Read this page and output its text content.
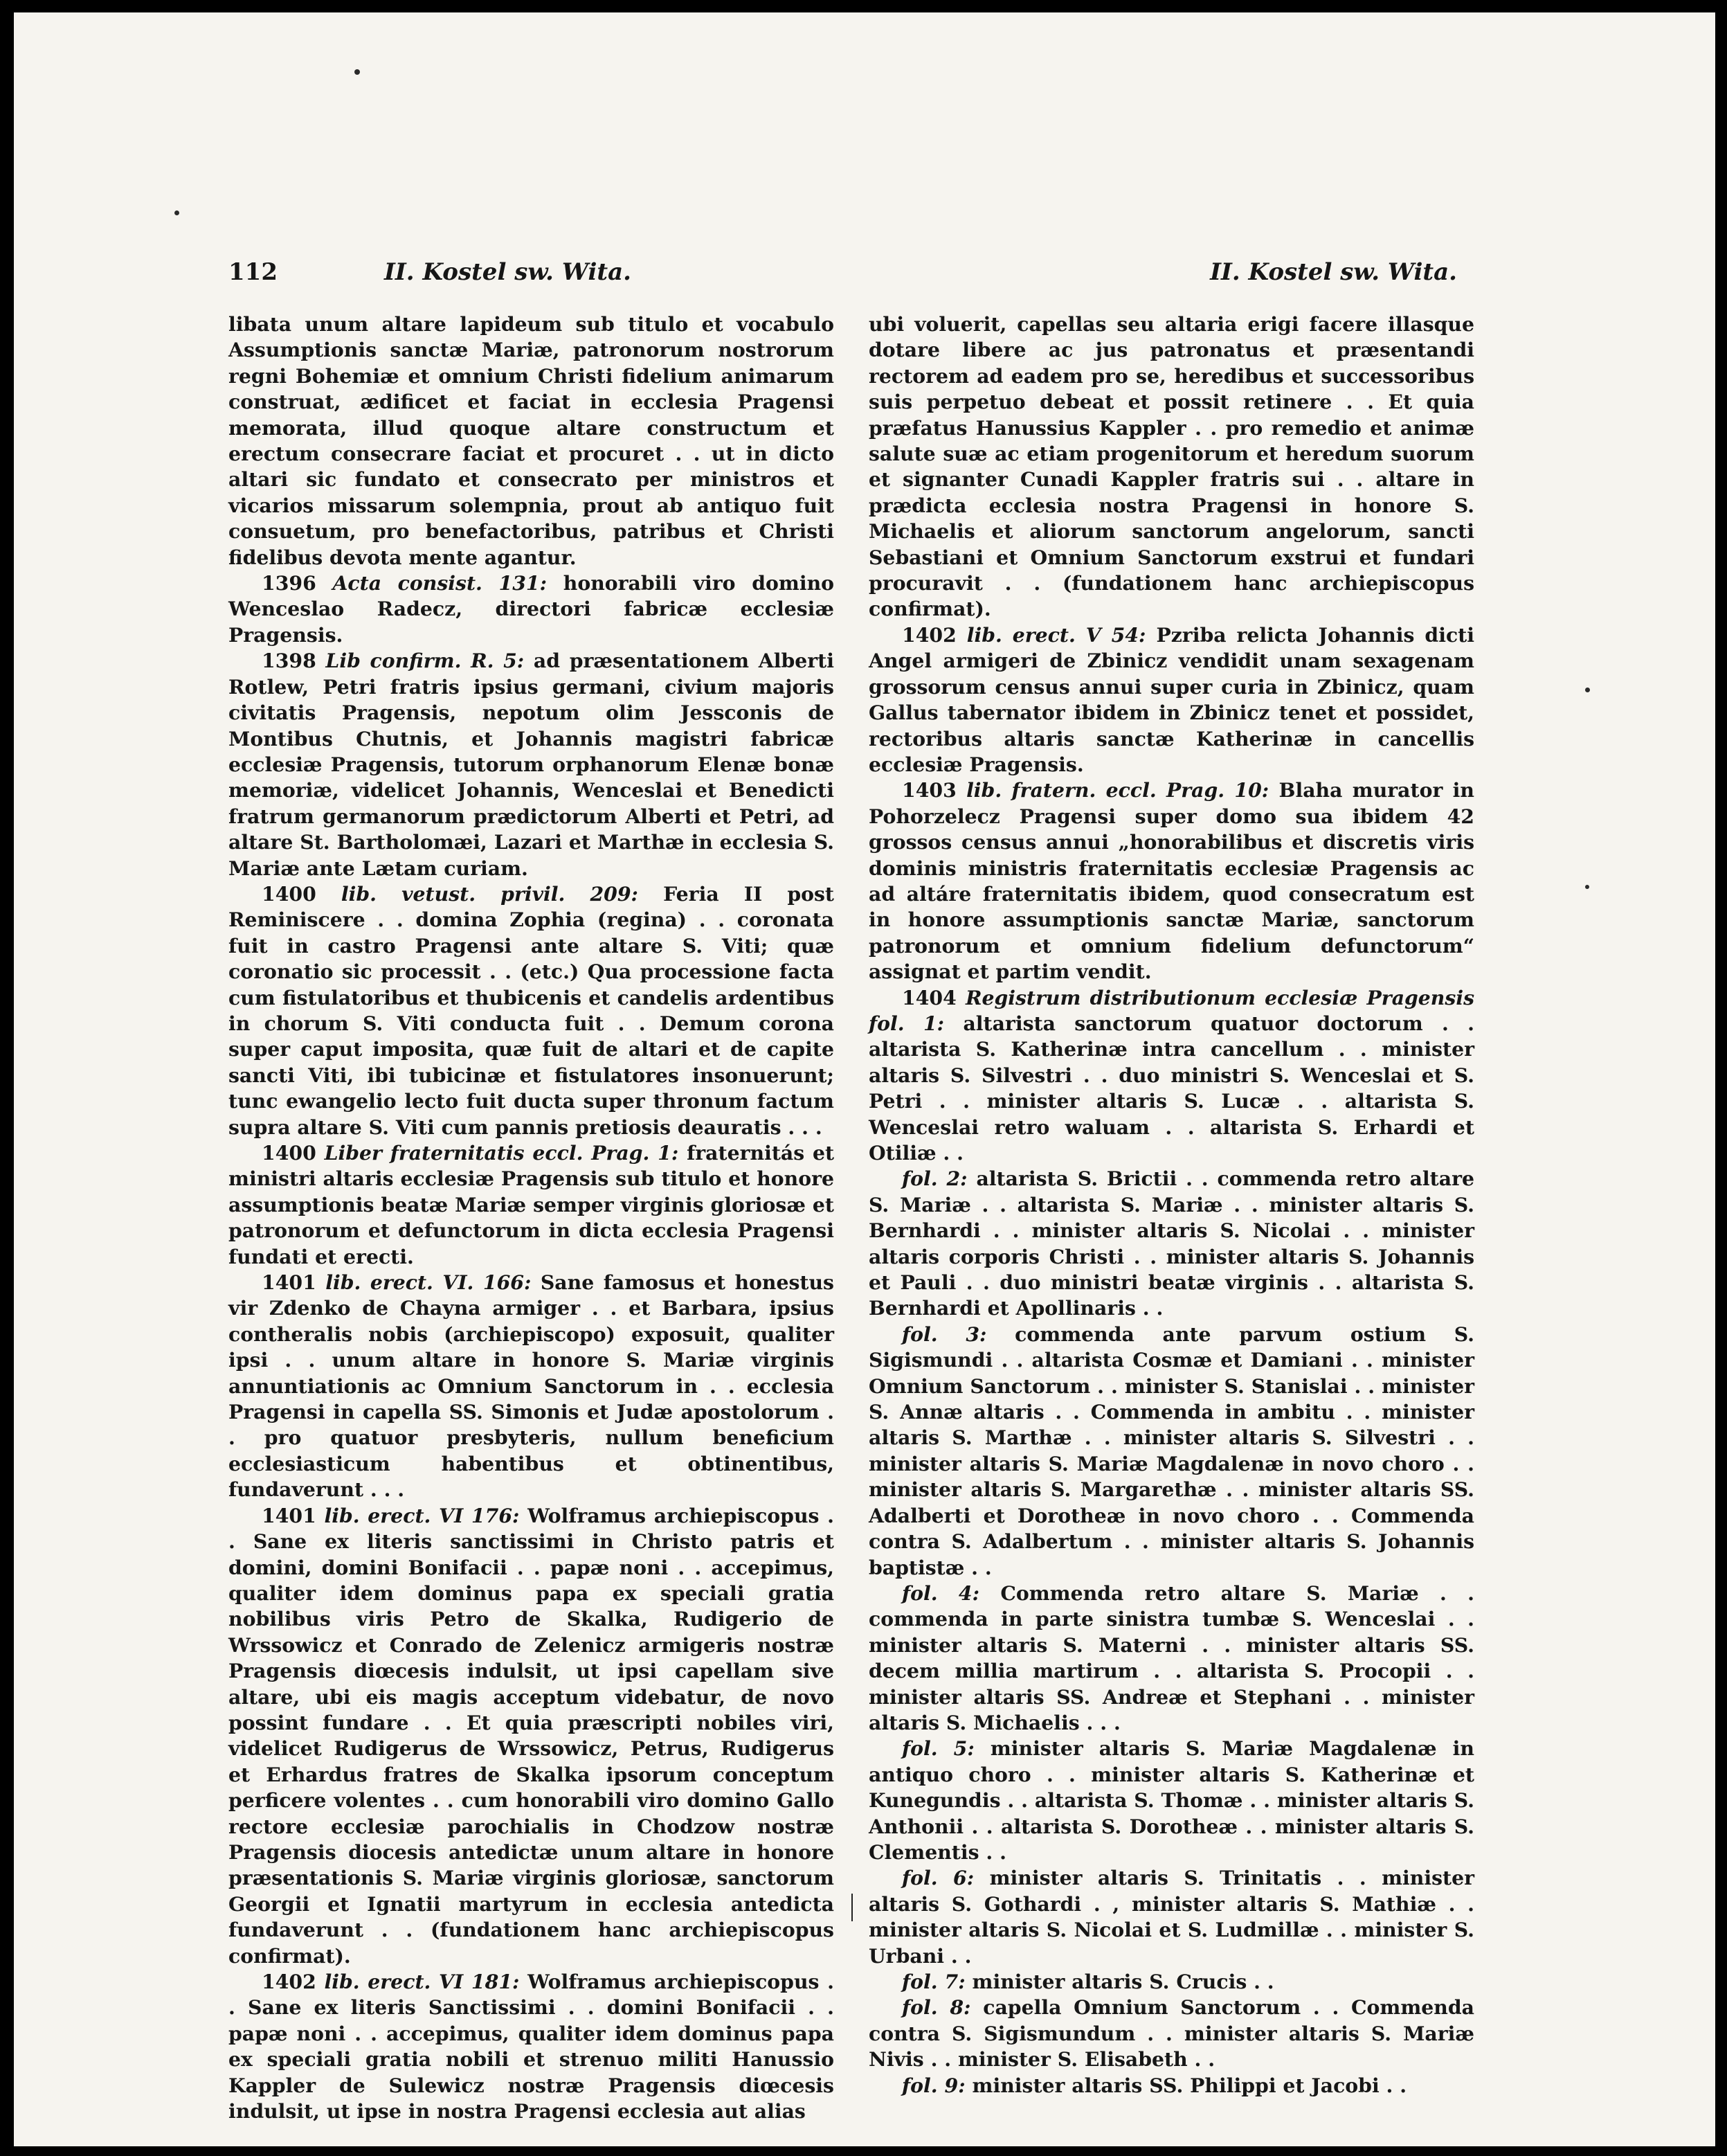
112	II. Kostel sw. Wita.	II. Kostel sw. Wita.

libata unum altare lapideum sub titulo et vocabulo Assumptionis sanctæ Mariæ, patronorum nostrorum regni Bohemiæ et omnium Christi fidelium animarum construat, ædificet et faciat in ecclesia Pragensi memorata, illud quoque altare constructum et erectum consecrare faciat et procuret . . ut in dicto altari sic fundato et consecrato per ministros et vicarios missarum solempnia, prout ab antiquo fuit consuetum, pro benefactoribus, patribus et Christi fidelibus devota mente agantur.

1396 Acta consist. 131: honorabili viro domino Wenceslao Radecz, directori fabricæ ecclesiæ Pragensis.

1398 Lib confirm. R. 5: ad præsentationem Alberti Rotlew, Petri fratris ipsius germani, civium majoris civitatis Pragensis, nepotum olim Jessconis de Montibus Chutnis, et Johannis magistri fabricæ ecclesiæ Pragensis, tutorum orphanorum Elenæ bonæ memoriæ, videlicet Johannis, Wenceslai et Benedicti fratrum germanorum prædictorum Alberti et Petri, ad altare St. Bartholomæi, Lazari et Marthæ in ecclesia S. Mariæ ante Lætam curiam.

1400 lib. vetust. privil. 209: Feria II post Reminiscere . . domina Zophia (regina) . . coronata fuit in castro Pragensi ante altare S. Viti; quæ coronatio sic processit . . (etc.) Qua processione facta cum fistulatoribus et thubicenis et candelis ardentibus in chorum S. Viti conducta fuit . . Demum corona super caput imposita, quæ fuit de altari et de capite sancti Viti, ibi tubicinæ et fistulatores insonuerunt; tunc ewangelio lecto fuit ducta super thronum factum supra altare S. Viti cum pannis pretiosis deauratis . . .

1400 Liber fraternitatis eccl. Prag. 1: fraternitás et ministri altaris ecclesiæ Pragensis sub titulo et honore assumptionis beatæ Mariæ semper virginis gloriosæ et patronorum et defunctorum in dicta ecclesia Pragensi fundati et erecti.

1401 lib. erect. VI. 166: Sane famosus et honestus vir Zdenko de Chayna armiger . . et Barbara, ipsius contheralis nobis (archiepiscopo) exposuit, qualiter ipsi . . unum altare in honore S. Mariæ virginis annuntiationis ac Omnium Sanctorum in . . ecclesia Pragensi in capella SS. Simonis et Judæ apostolorum . . pro quatuor presbyteris, nullum beneficium ecclesiasticum habentibus et obtinentibus, fundaverunt . . .

1401 lib. erect. VI 176: Wolframus archiepiscopus . . Sane ex literis sanctissimi in Christo patris et domini, domini Bonifacii . . papæ noni . . accepimus, qualiter idem dominus papa ex speciali gratia nobilibus viris Petro de Skalka, Rudigerio de Wrssowicz et Conrado de Zelenicz armigeris nostræ Pragensis diœcesis indulsit, ut ipsi capellam sive altare, ubi eis magis acceptum videbatur, de novo possint fundare . . Et quia præscripti nobiles viri, videlicet Rudigerus de Wrssowicz, Petrus, Rudigerus et Erhardus fratres de Skalka ipsorum conceptum perficere volentes . . cum honorabili viro domino Gallo rectore ecclesiæ parochialis in Chodzow nostræ Pragensis diocesis antedictæ unum altare in honore præsentationis S. Mariæ virginis gloriosæ, sanctorum Georgii et Ignatii martyrum in ecclesia antedicta fundaverunt . . (fundationem hanc archiepiscopus confirmat).

1402 lib. erect. VI 181: Wolframus archiepiscopus . . Sane ex literis Sanctissimi . . domini Bonifacii . . papæ noni . . accepimus, qualiter idem dominus papa ex speciali gratia nobili et strenuo militi Hanussio Kappler de Sulewicz nostræ Pragensis diœcesis indulsit, ut ipse in nostra Pragensi ecclesia aut alias

ubi voluerit, capellas seu altaria erigi facere illasque dotare libere ac jus patronatus et præsentandi rectorem ad eadem pro se, heredibus et successoribus suis perpetuo debeat et possit retinere . . Et quia præfatus Hanussius Kappler . . pro remedio et animæ salute suæ ac etiam progenitorum et heredum suorum et signanter Cunadi Kappler fratris sui . . altare in prædicta ecclesia nostra Pragensi in honore S. Michaelis et aliorum sanctorum angelorum, sancti Sebastiani et Omnium Sanctorum exstrui et fundari procuravit . . (fundationem hanc archiepiscopus confirmat).

1402 lib. erect. V 54: Pzriba relicta Johannis dicti Angel armigeri de Zbinicz vendidit unam sexagenam grossorum census annui super curia in Zbinicz, quam Gallus tabernator ibidem in Zbinicz tenet et possidet, rectoribus altaris sanctæ Katherinæ in cancellis ecclesiæ Pragensis.

1403 lib. fratern. eccl. Prag. 10: Blaha murator in Pohorzelecz Pragensi super domo sua ibidem 42 grossos census annui „honorabilibus et discretis viris dominis ministris fraternitatis ecclesiæ Pragensis ac ad altáre fraternitatis ibidem, quod consecratum est in honore assumptionis sanctæ Mariæ, sanctorum patronorum et omnium fidelium defunctorum“ assignat et partim vendit.

1404 Registrum distributionum ecclesiæ Pragensis fol. 1: altarista sanctorum quatuor doctorum . . altarista S. Katherinæ intra cancellum . . minister altaris S. Silvestri . . duo ministri S. Wenceslai et S. Petri . . minister altaris S. Lucæ . . altarista S. Wenceslai retro waluam . . altarista S. Erhardi et Otiliæ . .

fol. 2: altarista S. Brictii . . commenda retro altare S. Mariæ . . altarista S. Mariæ . . minister altaris S. Bernhardi . . minister altaris S. Nicolai . . minister altaris corporis Christi . . minister altaris S. Johannis et Pauli . . duo ministri beatæ virginis . . altarista S. Bernhardi et Apollinaris . .

fol. 3: commenda ante parvum ostium S. Sigismundi . . altarista Cosmæ et Damiani . . minister Omnium Sanctorum . . minister S. Stanislai . . minister S. Annæ altaris . . Commenda in ambitu . . minister altaris S. Marthæ . . minister altaris S. Silvestri . . minister altaris S. Mariæ Magdalenæ in novo choro . . minister altaris S. Margarethæ . . minister altaris SS. Adalberti et Dorotheæ in novo choro . . Commenda contra S. Adalbertum . . minister altaris S. Johannis baptistæ . .

fol. 4: Commenda retro altare S. Mariæ . . commenda in parte sinistra tumbæ S. Wenceslai . . minister altaris S. Materni . . minister altaris SS. decem millia martirum . . altarista S. Procopii . . minister altaris SS. Andreæ et Stephani . . minister altaris S. Michaelis . . .

fol. 5: minister altaris S. Mariæ Magdalenæ in antiquo choro . . minister altaris S. Katherinæ et Kunegundis . . altarista S. Thomæ . . minister altaris S. Anthonii . . altarista S. Dorotheæ . . minister altaris S. Clementis . .

fol. 6: minister altaris S. Trinitatis . . minister altaris S. Gothardi . , minister altaris S. Mathiæ . . minister altaris S. Nicolai et S. Ludmillæ . . minister S. Urbani . .

fol. 7: minister altaris S. Crucis . .

fol. 8: capella Omnium Sanctorum . . Commenda contra S. Sigismundum . . minister altaris S. Mariæ Nivis . . minister S. Elisabeth . .

fol. 9: minister altaris SS. Philippi et Jacobi . .
